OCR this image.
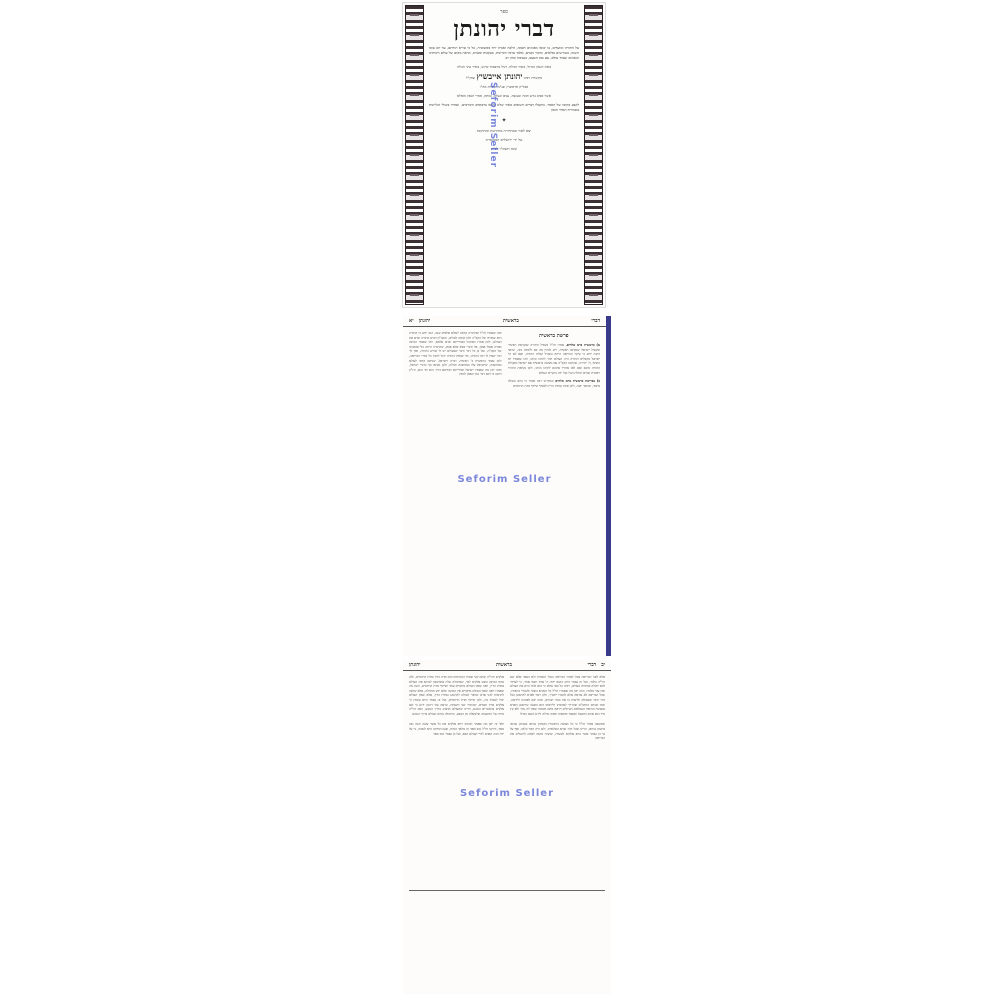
ספר
דברי יהונתן
על התורה ומועדים, בו יבואו מפנינים חכמה, הלכה ואגדה יחד מפשוטיה, כל כי טריא תורתם, עד יום טובו השנה, בשורשים נפלאים, ומקור נקבים, מלבד ערכיו וזכרונות, בעקבות ומצוות, מראה מקום של עולם ורבותינו הגאונים ועמוד עולם, עם טוב הטעם, בנעימה ובחן רב
מאת הגאון הגדול, מאור הגולה, דגול מרבבות קדוש, מאיר עיני הגולה
מקשרת רבינו יהונתן אייבשיץ זצוק"ל
אבד"ק פרוסטיץ ובג"מ קהלות אה"ו
אשר סביב נודע תמה ונשגבה, נעים ונעלה, נמתק, ספרי הגאון מופלא
לקבע מקומו של הספר, נתקבלו דברים חשובים מאוד שלא הובאו בדפוסים הקודמים, ונסדרו בשולי הגליונות בשמירת הסדר הנכון
✦
יצא לאור במהדורה מחודשת ומתוקנת
על ידי ירושלים המבוארת
שנת תשמ"ו לפ"ק
Seforim Seller
דברי
בראשית
יהונתן   יא
פרשת בראשית
א) בראשית ברא אלהים. אמרו חז"ל בשביל התורה שנקראת ראשית ובשביל ישראל שנקראו ראשית, ויש להבין מה בא ללמדנו בזה, ונראה דהנה ידוע כי עיקר הבריאה היתה בשביל קבלת התורה, ואם לא היו ישראל מקבלים התורה היה העולם חוזר לתוהו ובוהו, וזהו שאמרו יום הששי, ה' יתירה, שהתנה הקב"ה עם מעשה בראשית אם ישראל מקבלים התורה מוטב ואם לאו אחזיר אתכם לתוהו ובוהו, ולכן נקראת התורה ראשית שהיא תחלת הכל ועל ידה נתקיים העולם
ב) בבריאת בראשית ברא אלהים ובמדרש רבה אמרו כי ברא העולם בחסד, ובחסד יבנה, ולכן פתח במדת הדין ולבסוף שיתף מדת הרחמים
ומה שאמרו חז"ל שהתורה קדמה לעולם אלפים שנה, הנה ידוע כי התורה היא שמותיו של הקב"ה ולכן קדמה לעולם, והקב"ה הביט בתורה וברא את העולם, ולכן אמרו הסתכל באורייתא וברא עלמא, וזהו שאמר הכתוב ואהיה אצלו אמון, אל תקרי אמון אלא אומן, שהתורה היתה כלי אומנותו של הקב"ה, ועל כן כל דבר ודבר שבעולם יש לו שורש בתורה, ואין לך דבר שאין לו רמז בתורה, ומי שמבין בתורה יכול להבין כל סדרי הבריאה, ולכן נאמר בראשית ב' ראשית, תורה וישראל, שניהם קדמו לעולם במחשבה, שישראל עלו במחשבה תחלה, ולכן נקראו בני בכורי ישראל, ומזה יובן מה שאמרו ישראל ואורייתא וקודשא בריך הוא חד הוא, ודו"ק היטב כי הוא דבר נכון ונאמן למבין
Seforim Seller
יב   דברי
בראשית
יהונתן
אלא לפני הבריאה אבל לאחר הבריאה בטלו השמות ולא נשאר אלא שם הוי"ה בלבד, ועל זה נאמר ביום ההוא יהיה ה' אחד ושמו אחד, כי לעתיד לבא יתגלה אחדותו בעולם, ויבינו כל באי עולם כי הוא לבדו ברא את העולם ואין עוד מלבדו, ובזה יובן מה שאמרו חז"ל כל הנקרא בשמי ולכבודי בראתיו, שכל הבריאה לא נבראה אלא לכבודו יתברך, ולכן ראוי לאדם להתבונן בכל דבר ודבר שבעולם ולראות בו את כבוד הבורא, ומזה יבא לאהבה וליראה, וכמו שכתב הרמב"ם שהדרך לאהבתו וליראתו הוא בשעה שיתבונן האדם במעשיו וברואיו הנפלאים הגדולים ויראה מהם חכמתו שאין לה ערך ולא קץ מיד הוא אוהב ומשבח ומפאר ומתאוה תאוה גדולה לידע השם הגדול
ומבשבה אמרו חז"ל כי כל מעשה בראשית בקומתן נבראו בצביונן נבראו בדעתן נבראו, והיינו שכל דבר נברא בשלמותו, ולא היה חסר כלום, ואף על פי כן נאמר אשר ברא אלקים לעשות, שהניח מקום לאדם להשלים את הבריאה
אלקים והוי"ה שהם שני שמות הקדושים והם מדת הדין ומדת הרחמים, ולכן פתח הכתוב בשם אלקים לבד, שבתחלה עלה במחשבה לברוא את העולם במדת הדין, ראה שאין העולם מתקיים עמד ושיתף מדת הרחמים, והנה מה שאמרו ראה שאין העולם מתקיים אין הכוונה שלא ידע מתחלה, אלא שרצה להראות לבני אדם שראוי לעולם להתנהג במדת הדין, אלא שאין העולם יכול לעמוד בה, ולכן שיתף מדת הרחמים, ועל זה נאמר ביום עשות ה' אלקים ארץ ושמים, שהזכיר שני השמות, ונראה עוד דהנה ידוע כי שם אלקים בגימטריא הטבע, והיינו שהעולם מתנהג בדרך הטבע, ושם הוי"ה מורה על ההשגחה שלמעלה מן הטבע, ובתחלה נברא העולם בדרך הטבע
ולפי זה יובן מה שאמר הכתוב וירא אלקים את כל אשר עשה והנה טוב מאד, ודרשו חז"ל טוב מאד זה מלאך המות, שגם המיתה היא לטובה, כי על ידה זוכה האדם לחיי העולם הבא, ועל כן נאמר טוב מאד
Seforim Seller
